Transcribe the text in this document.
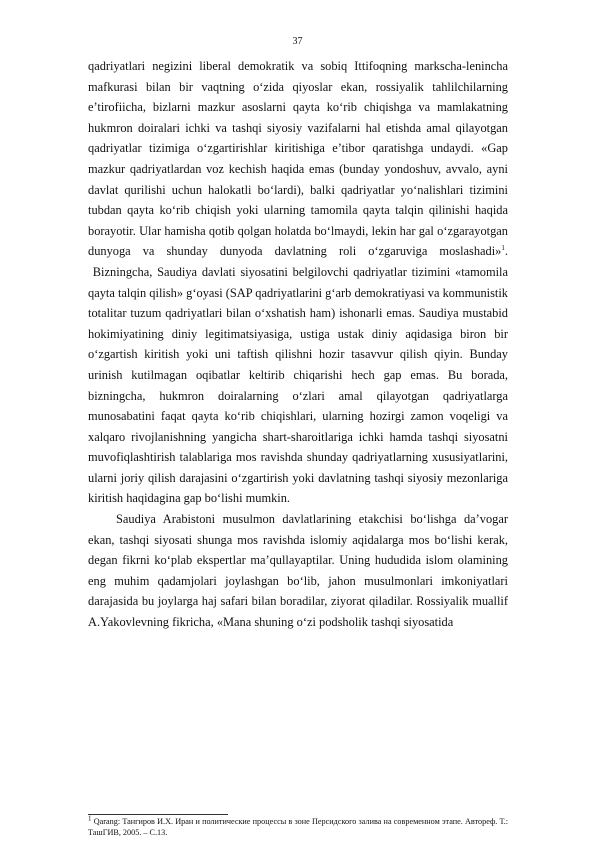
37

qadriyatlari negizini liberal demokratik va sobiq Ittifoqning markscha-lenincha mafkurasi bilan bir vaqtning oʻzida qiyoslar ekan, rossiyalik tahlilchilarning e’tirofiicha, bizlarni mazkur asoslarni qayta koʻrib chiqishga va mamlakatning hukmron doiralari ichki va tashqi siyosiy vazifalarni hal etishda amal qilayotgan qadriyatlar tizimiga oʻzgartirishlar kiritishiga e’tibor qaratishga undaydi. «Gap mazkur qadriyatlardan voz kechish haqida emas (bunday yondoshuv, avvalo, ayni davlat qurilishi uchun halokatli boʻlardi), balki qadriyatlar yoʻnalishlari tizimini tubdan qayta koʻrib chiqish yoki ularning tamomila qayta talqin qilinishi haqida borayotir. Ular hamisha qotib qolgan holatda boʻlmaydi, lekin har gal oʻzgarayotgan dunyoga va shunday dunyoda davlatning roli oʻzgaruviga moslashadi»$^1$.  Bizningcha, Saudiya davlati siyosatini belgilovchi qadriyatlar tizimini «tamomila qayta talqin qilish» gʻoyasi (SAP qadriyatlarini gʻarb demokratiyasi va kommunistik totalitar tuzum qadriyatlari bilan oʻxshatish ham) ishonarli emas. Saudiya mustabid hokimiyatining diniy legitimatsiyasiga, ustiga ustak diniy aqidasiga biron bir oʻzgartish kiritish yoki uni taftish qilishni hozir tasavvur qilish qiyin. Bunday urinish kutilmagan oqibatlar keltirib chiqarishi hech gap emas. Bu borada, bizningcha, hukmron doiralarning oʻzlari amal qilayotgan qadriyatlarga munosabatini faqat qayta koʻrib chiqishlari, ularning hozirgi zamon voqeligi va xalqaro rivojlanishning yangicha shart-sharoitlariga ichki hamda tashqi siyosatni muvofiqlashtirish talablariga mos ravishda shunday qadriyatlarning xususiyatlarini, ularni joriy qilish darajasini oʻzgartirish yoki davlatning tashqi siyosiy mezonlariga kiritish haqidagina gap boʻlishi mumkin.

Saudiya Arabistoni musulmon davlatlarining etakchisi boʻlishga da’vogar ekan, tashqi siyosati shunga mos ravishda islomiy aqidalarga mos boʻlishi kerak, degan fikrni koʻplab ekspertlar ma’qullayaptilar. Uning hududida islom olamining eng muhim qadamjolari joylashgan boʻlib, jahon musulmonlari imkoniyatlari darajasida bu joylarga haj safari bilan boradilar, ziyorat qiladilar. Rossiyalik muallif A.Yakovlevning fikricha, «Mana shuning oʻzi podsholik tashqi siyosatida

$^1$ Qarang: Тангиров И.Х. Иран и политические процессы в зоне Персидского залива на современном этапе. Автореф. Т.: ТашГИВ, 2005. – С.13.
